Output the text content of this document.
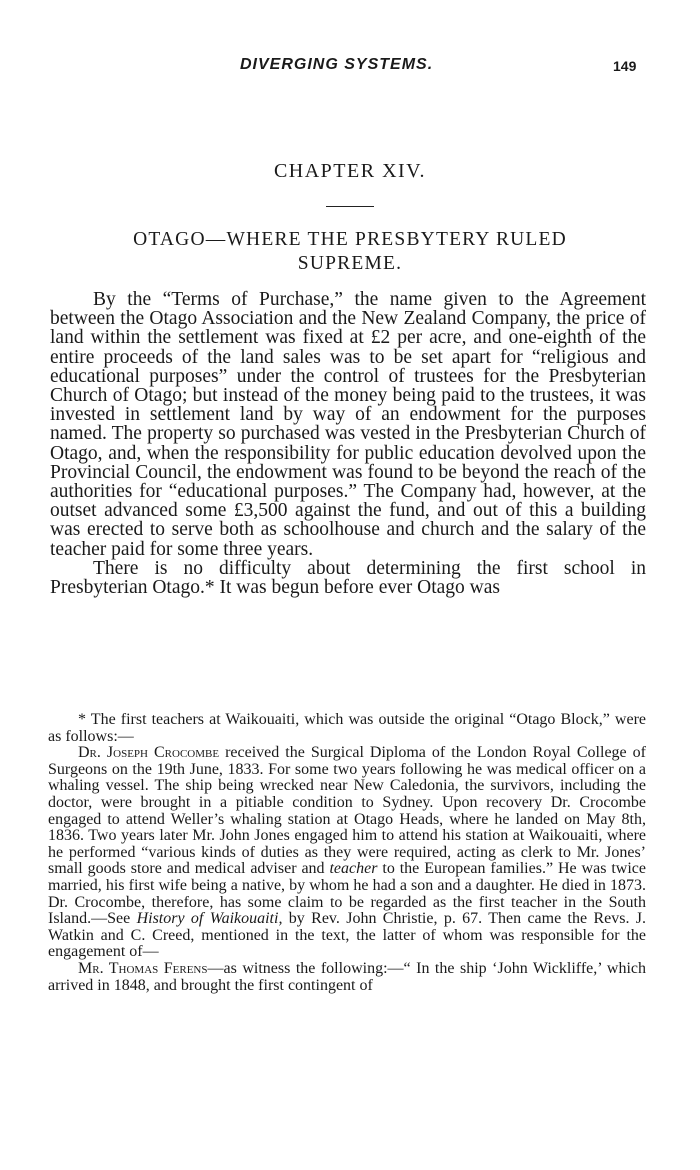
DIVERGING SYSTEMS.	149
CHAPTER XIV.
OTAGO—WHERE THE PRESBYTERY RULED
SUPREME.

By the “Terms of Purchase,” the name given to the Agreement between the Otago Association and the New Zealand Company, the price of land within the settlement was fixed at £2 per acre, and one-eighth of the entire proceeds of the land sales was to be set apart for “religious and educational purposes” under the control of trustees for the Presbyterian Church of Otago; but instead of the money being paid to the trustees, it was invested in settlement land by way of an endowment for the purposes named. The property so purchased was vested in the Presbyterian Church of Otago, and, when the responsibility for public education devolved upon the Provincial Council, the endowment was found to be beyond the reach of the authorities for “educational purposes.” The Company had, however, at the outset advanced some £3,500 against the fund, and out of this a building was erected to serve both as schoolhouse and church and the salary of the teacher paid for some three years.

There is no difficulty about determining the first school in Presbyterian Otago.* It was begun before ever Otago was

* The first teachers at Waikouaiti, which was outside the original “Otago Block,” were as follows:—

Dr. Joseph Crocombe received the Surgical Diploma of the London Royal College of Surgeons on the 19th June, 1833. For some two years following he was medical officer on a whaling vessel. The ship being wrecked near New Caledonia, the survivors, including the doctor, were brought in a pitiable condition to Sydney. Upon recovery Dr. Crocombe engaged to attend Weller’s whaling station at Otago Heads, where he landed on May 8th, 1836. Two years later Mr. John Jones engaged him to attend his station at Waikouaiti, where he performed “various kinds of duties as they were required, acting as clerk to Mr. Jones’ small goods store and medical adviser and teacher to the European families.” He was twice married, his first wife being a native, by whom he had a son and a daughter. He died in 1873. Dr. Crocombe, therefore, has some claim to be regarded as the first teacher in the South Island.—See History of Waikouaiti, by Rev. John Christie, p. 67. Then came the Revs. J. Watkin and C. Creed, mentioned in the text, the latter of whom was responsible for the engagement of—

Mr. Thomas Ferens—as witness the following:—“ In the ship ‘John Wickliffe,’ which arrived in 1848, and brought the first contingent of
